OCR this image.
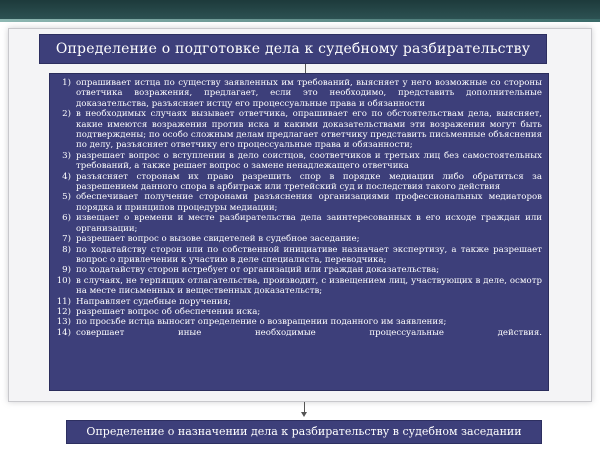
Определение о подготовке дела к судебному разбирательству
1) опрашивает истца по существу заявленных им требований, выясняет у него возможные со стороны ответчика возражения, предлагает, если это необходимо, представить дополнительные доказательства, разъясняет истцу его процессуальные права и обязанности
2) в необходимых случаях вызывает ответчика, опрашивает его по обстоятельствам дела, выясняет, какие имеются возражения против иска и какими доказательствами эти возражения могут быть подтверждены; по особо сложным делам предлагает ответчику представить письменные объяснения по делу, разъясняет ответчику его процессуальные права и обязанности;
3) разрешает вопрос о вступлении в дело соистцов, соответчиков и третьих лиц без самостоятельных требований, а также решает вопрос о замене ненадлежащего ответчика
4) разъясняет сторонам их право разрешить спор в порядке медиации либо обратиться за разрешением данного спора в арбитраж или третейский суд и последствия такого действия
5) обеспечивает получение сторонами разъяснения организациями профессиональных медиаторов порядка и принципов процедуры медиации;
6) извещает о времени и месте разбирательства дела заинтересованных в его исходе граждан или организации;
7) разрешает вопрос о вызове свидетелей в судебное заседание;
8) по ходатайству сторон или по собственной инициативе назначает экспертизу, а также разрешает вопрос о привлечении к участию в деле специалиста, переводчика;
9) по ходатайству сторон истребует от организаций или граждан доказательства;
10) в случаях, не терпящих отлагательства, производит, с извещением лиц, участвующих в деле, осмотр на месте письменных и вещественных доказательств;
11) Направляет судебные поручения;
12) разрешает вопрос об обеспечении иска;
13) по просьбе истца выносит определение о возвращении поданного им заявления;
14) совершает иные необходимые процессуальные действия.
Определение о назначении дела к разбирательству в судебном заседании
